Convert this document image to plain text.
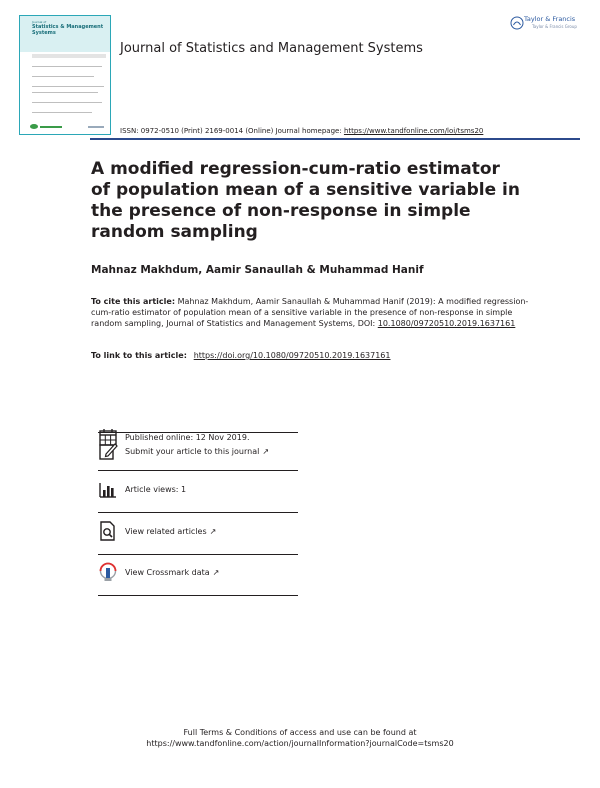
Journal of
Statistics & Management Systems
Journal of Statistics and Management Systems
Taylor & Francis
Taylor & Francis Group
ISSN: 0972-0510 (Print) 2169-0014 (Online) Journal homepage: https://www.tandfonline.com/loi/tsms20
A modified regression-cum-ratio estimator of population mean of a sensitive variable in the presence of non-response in simple random sampling
Mahnaz Makhdum, Aamir Sanaullah & Muhammad Hanif
To cite this article: Mahnaz Makhdum, Aamir Sanaullah & Muhammad Hanif (2019): A modified regression-cum-ratio estimator of population mean of a sensitive variable in the presence of non-response in simple random sampling, Journal of Statistics and Management Systems, DOI: 10.1080/09720510.2019.1637161
To link to this article: https://doi.org/10.1080/09720510.2019.1637161
Published online: 12 Nov 2019.
Submit your article to this journal ↗
Article views: 1
View related articles ↗
View Crossmark data ↗
Full Terms & Conditions of access and use can be found at
https://www.tandfonline.com/action/journalInformation?journalCode=tsms20
